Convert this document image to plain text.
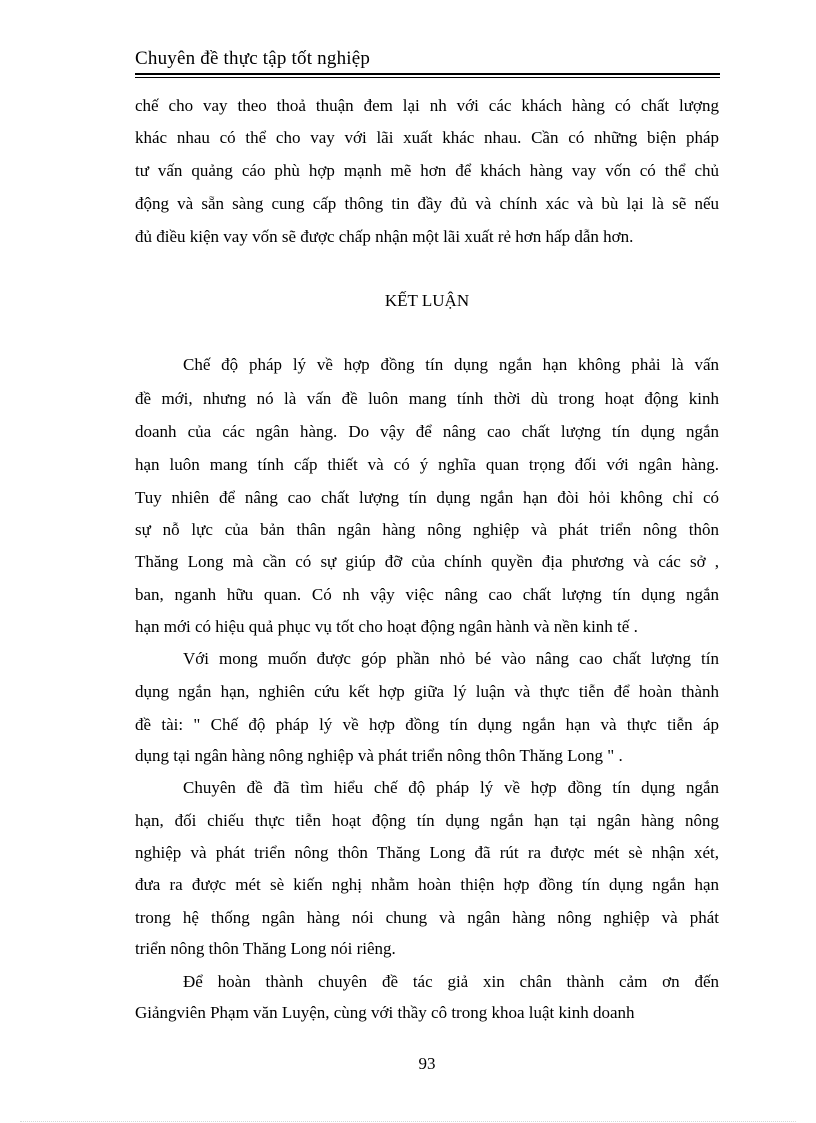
Chuyên đề thực tập tốt nghiệp
chế cho vay theo thoả thuận đem lại nh với các khách hàng có chất lượng
khác nhau có thể cho vay với lãi xuất khác nhau. Cần có những biện pháp
tư vấn quảng cáo phù hợp mạnh mẽ hơn để khách hàng vay vốn có thể chủ
động và sẵn sàng cung cấp thông tin đầy đủ và chính xác và bù lại là sẽ nếu
đủ điều kiện vay vốn sẽ được chấp nhận một lãi xuất rẻ hơn hấp dẫn hơn.
KẾT LUẬN
Chế độ pháp lý về hợp đồng tín dụng ngắn hạn không phải là vấn
đề mới, nhưng nó là vấn đề luôn mang tính thời dù trong hoạt động kinh
doanh của các ngân hàng. Do vậy để nâng cao chất lượng tín dụng ngắn
hạn luôn mang tính cấp thiết và có ý nghĩa quan trọng đối với ngân hàng.
Tuy nhiên để nâng cao chất lượng tín dụng ngắn hạn đòi hỏi không chỉ có
sự nỗ lực của bản thân ngân hàng nông nghiệp và phát triển nông thôn
Thăng Long mà cần có sự giúp đỡ của chính quyền địa phương và các sở ,
ban, nganh hữu quan. Có nh vậy việc nâng cao chất lượng tín dụng ngắn
hạn mới có hiệu quả phục vụ tốt cho hoạt động ngân hành và nền kinh tế .
Với mong muốn được góp phần nhỏ bé vào nâng cao chất lượng tín
dụng ngắn hạn, nghiên cứu kết hợp giữa lý luận và thực tiễn để hoàn thành
đề tài: " Chế độ pháp lý về hợp đồng tín dụng ngắn hạn và thực tiễn áp
dụng tại ngân hàng nông nghiệp và phát triển nông thôn Thăng Long " .
Chuyên đề đã tìm hiểu chế độ pháp lý về hợp đồng tín dụng ngắn
hạn, đối chiếu thực tiễn hoạt động tín dụng ngắn hạn tại ngân hàng nông
nghiệp và phát triển nông thôn Thăng Long đã rút ra được mét sè nhận xét,
đưa ra được mét sè kiến nghị nhằm hoàn thiện hợp đồng tín dụng ngắn hạn
trong hệ thống ngân hàng nói chung và ngân hàng nông nghiệp và phát
triển nông thôn Thăng Long nói riêng.
Để hoàn thành chuyên đề tác giả xin chân thành cảm ơn đến
Giảngviên Phạm văn Luyện, cùng với thầy cô trong khoa luật kinh doanh
93
